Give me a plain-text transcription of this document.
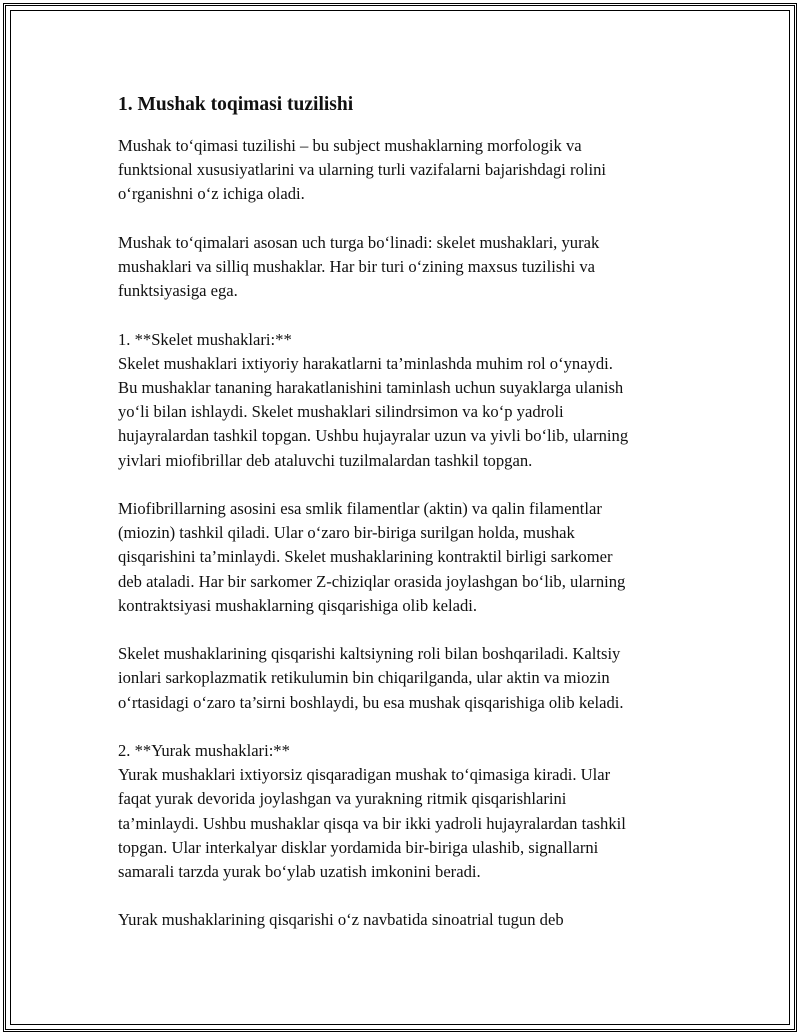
1. Mushak toqimasi tuzilishi

Mushak to‘qimasi tuzilishi – bu subject mushaklarning morfologik va
funktsional xususiyatlarini va ularning turli vazifalarni bajarishdagi rolini
o‘rganishni o‘z ichiga oladi.

Mushak to‘qimalari asosan uch turga bo‘linadi: skelet mushaklari, yurak
mushaklari va silliq mushaklar. Har bir turi o‘zining maxsus tuzilishi va
funktsiyasiga ega.

1. **Skelet mushaklari:**
Skelet mushaklari ixtiyoriy harakatlarni ta’minlashda muhim rol o‘ynaydi.
Bu mushaklar tananing harakatlanishini taminlash uchun suyaklarga ulanish
yo‘li bilan ishlaydi. Skelet mushaklari silindrsimon va ko‘p yadroli
hujayralardan tashkil topgan. Ushbu hujayralar uzun va yivli bo‘lib, ularning
yivlari miofibrillar deb ataluvchi tuzilmalardan tashkil topgan.

Miofibrillarning asosini esa smlik filamentlar (aktin) va qalin filamentlar
(miozin) tashkil qiladi. Ular o‘zaro bir-biriga surilgan holda, mushak
qisqarishini ta’minlaydi. Skelet mushaklarining kontraktil birligi sarkomer
deb ataladi. Har bir sarkomer Z-chiziqlar orasida joylashgan bo‘lib, ularning
kontraktsiyasi mushaklarning qisqarishiga olib keladi.

Skelet mushaklarining qisqarishi kaltsiyning roli bilan boshqariladi. Kaltsiy
ionlari sarkoplazmatik retikulumin bin chiqarilganda, ular aktin va miozin
o‘rtasidagi o‘zaro ta’sirni boshlaydi, bu esa mushak qisqarishiga olib keladi.

2. **Yurak mushaklari:**
Yurak mushaklari ixtiyorsiz qisqaradigan mushak to‘qimasiga kiradi. Ular
faqat yurak devorida joylashgan va yurakning ritmik qisqarishlarini
ta’minlaydi. Ushbu mushaklar qisqa va bir ikki yadroli hujayralardan tashkil
topgan. Ular interkalyar disklar yordamida bir-biriga ulashib, signallarni
samarali tarzda yurak bo‘ylab uzatish imkonini beradi.

Yurak mushaklarining qisqarishi o‘z navbatida sinoatrial tugun deb
